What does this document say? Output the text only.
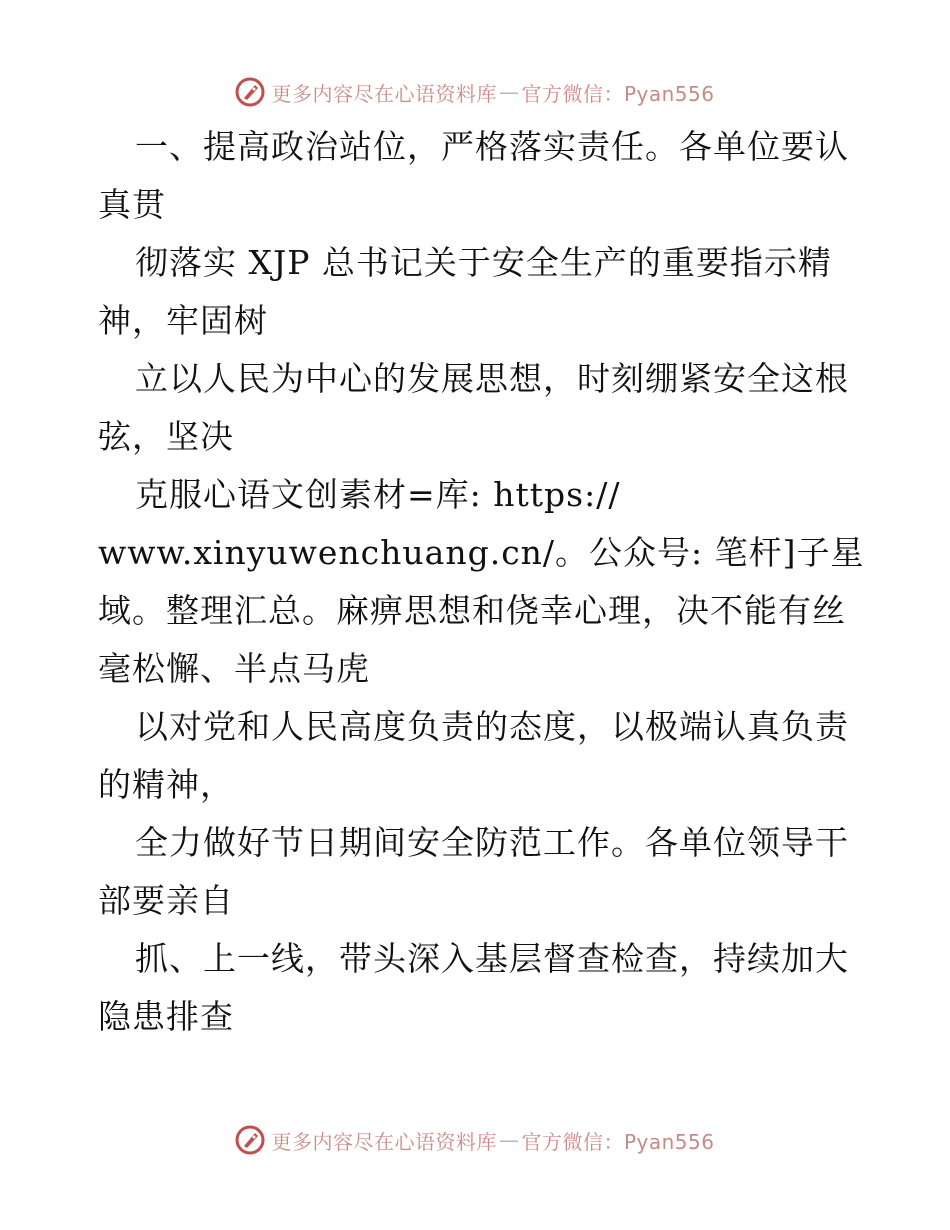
更多内容尽在心语资料库 — 官方微信：Pyan556
一、提高政治站位，严格落实责任。各单位要认
真贯
彻落实 XJP 总书记关于安全生产的重要指示精
神，牢固树
立以人民为中心的发展思想，时刻绷紧安全这根
弦，坚决
克服心语文创素材=库: https://
www.xinyuwenchuang.cn/。公众号: 笔杆]子星
域。整理汇总。麻痹思想和侥幸心理，决不能有丝
毫松懈、半点马虎
以对党和人民高度负责的态度，以极端认真负责
的精神，
全力做好节日期间安全防范工作。各单位领导干
部要亲自
抓、上一线，带头深入基层督查检查，持续加大
隐患排查
更多内容尽在心语资料库 — 官方微信：Pyan556
